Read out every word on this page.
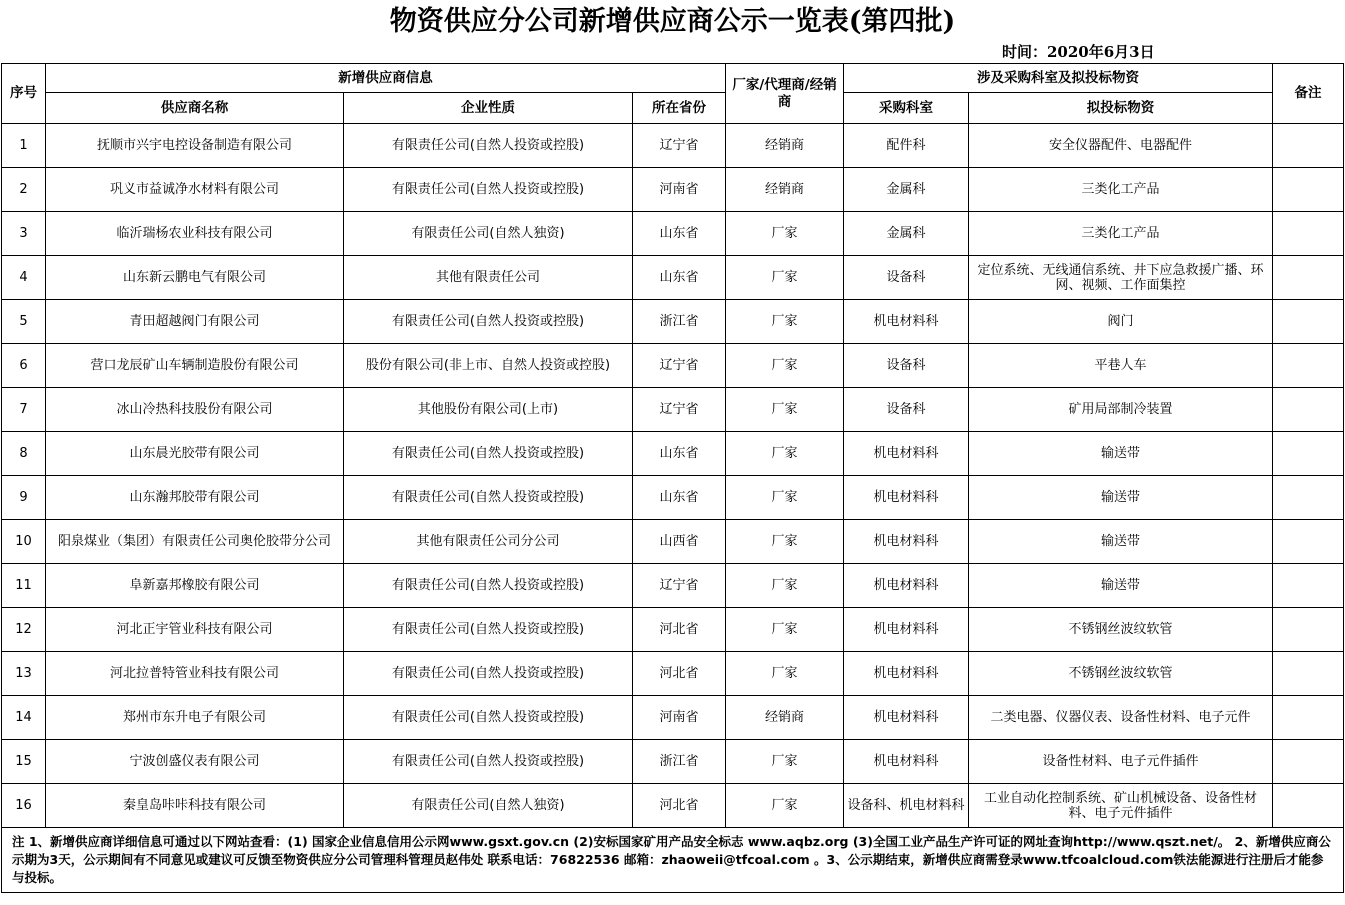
物资供应分公司新增供应商公示一览表(第四批)
时间：2020年6月3日
序号	新增供应商信息			厂家/代理商/经销商	涉及采购科室及拟投标物资		备注
	供应商名称	企业性质	所在省份		采购科室	拟投标物资	
1	抚顺市兴宇电控设备制造有限公司	有限责任公司(自然人投资或控股)	辽宁省	经销商	配件科	安全仪器配件、电器配件	
2	巩义市益诚净水材料有限公司	有限责任公司(自然人投资或控股)	河南省	经销商	金属科	三类化工产品	
3	临沂瑞杨农业科技有限公司	有限责任公司(自然人独资)	山东省	厂家	金属科	三类化工产品	
4	山东新云鹏电气有限公司	其他有限责任公司	山东省	厂家	设备科	定位系统、无线通信系统、井下应急救援广播、环网、视频、工作面集控	
5	青田超越阀门有限公司	有限责任公司(自然人投资或控股)	浙江省	厂家	机电材料科	阀门	
6	营口龙辰矿山车辆制造股份有限公司	股份有限公司(非上市、自然人投资或控股)	辽宁省	厂家	设备科	平巷人车	
7	冰山冷热科技股份有限公司	其他股份有限公司(上市)	辽宁省	厂家	设备科	矿用局部制冷装置	
8	山东晨光胶带有限公司	有限责任公司(自然人投资或控股)	山东省	厂家	机电材料科	输送带	
9	山东瀚邦胶带有限公司	有限责任公司(自然人投资或控股)	山东省	厂家	机电材料科	输送带	
10	阳泉煤业（集团）有限责任公司奥伦胶带分公司	其他有限责任公司分公司	山西省	厂家	机电材料科	输送带	
11	阜新嘉邦橡胶有限公司	有限责任公司(自然人投资或控股)	辽宁省	厂家	机电材料科	输送带	
12	河北正宇管业科技有限公司	有限责任公司(自然人投资或控股)	河北省	厂家	机电材料科	不锈钢丝波纹软管	
13	河北拉普特管业科技有限公司	有限责任公司(自然人投资或控股)	河北省	厂家	机电材料科	不锈钢丝波纹软管	
14	郑州市东升电子有限公司	有限责任公司(自然人投资或控股)	河南省	经销商	机电材料科	二类电器、仪器仪表、设备性材料、电子元件	
15	宁波创盛仪表有限公司	有限责任公司(自然人投资或控股)	浙江省	厂家	机电材料科	设备性材料、电子元件插件	
16	秦皇岛咔咔科技有限公司	有限责任公司(自然人独资)	河北省	厂家	设备科、机电材料科	工业自动化控制系统、矿山机械设备、设备性材料、电子元件插件	
注 1、新增供应商详细信息可通过以下网站查看：(1) 国家企业信息信用公示网www.gsxt.gov.cn (2)安标国家矿用产品安全标志 www.aqbz.org (3)全国工业产品生产许可证的网址查询http://www.qszt.net/。 2、新增供应商公示期为3天，公示期间有不同意见或建议可反馈至物资供应分公司管理科管理员赵伟处 联系电话：76822536 邮箱：zhaoweii@tfcoal.com 。3、公示期结束，新增供应商需登录www.tfcoalcloud.com铁法能源进行注册后才能参与投标。							
